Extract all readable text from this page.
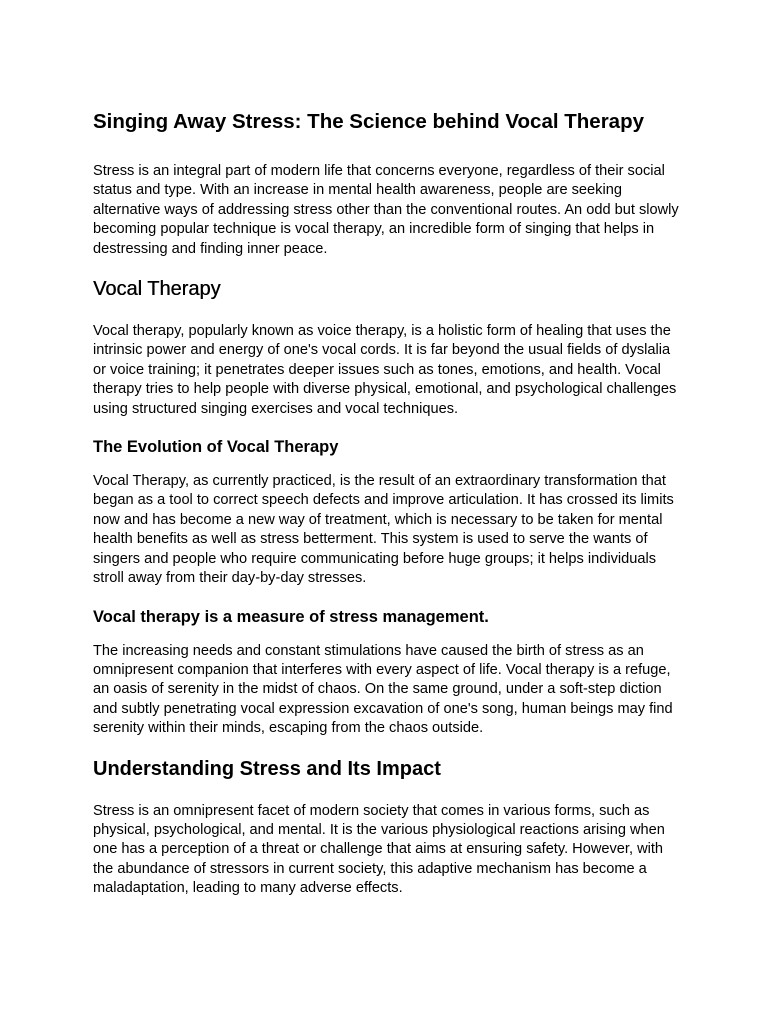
Singing Away Stress: The Science behind Vocal Therapy

Stress is an integral part of modern life that concerns everyone, regardless of their social status and type. With an increase in mental health awareness, people are seeking alternative ways of addressing stress other than the conventional routes. An odd but slowly becoming popular technique is vocal therapy, an incredible form of singing that helps in destressing and finding inner peace.

Vocal Therapy

Vocal therapy, popularly known as voice therapy, is a holistic form of healing that uses the intrinsic power and energy of one's vocal cords. It is far beyond the usual fields of dyslalia or voice training; it penetrates deeper issues such as tones, emotions, and health. Vocal therapy tries to help people with diverse physical, emotional, and psychological challenges using structured singing exercises and vocal techniques.

The Evolution of Vocal Therapy

Vocal Therapy, as currently practiced, is the result of an extraordinary transformation that began as a tool to correct speech defects and improve articulation. It has crossed its limits now and has become a new way of treatment, which is necessary to be taken for mental health benefits as well as stress betterment. This system is used to serve the wants of singers and people who require communicating before huge groups; it helps individuals stroll away from their day-by-day stresses.

Vocal therapy is a measure of stress management.

The increasing needs and constant stimulations have caused the birth of stress as an omnipresent companion that interferes with every aspect of life. Vocal therapy is a refuge, an oasis of serenity in the midst of chaos. On the same ground, under a soft-step diction and subtly penetrating vocal expression excavation of one's song, human beings may find serenity within their minds, escaping from the chaos outside.

Understanding Stress and Its Impact

Stress is an omnipresent facet of modern society that comes in various forms, such as physical, psychological, and mental. It is the various physiological reactions arising when one has a perception of a threat or challenge that aims at ensuring safety. However, with the abundance of stressors in current society, this adaptive mechanism has become a maladaptation, leading to many adverse effects.
